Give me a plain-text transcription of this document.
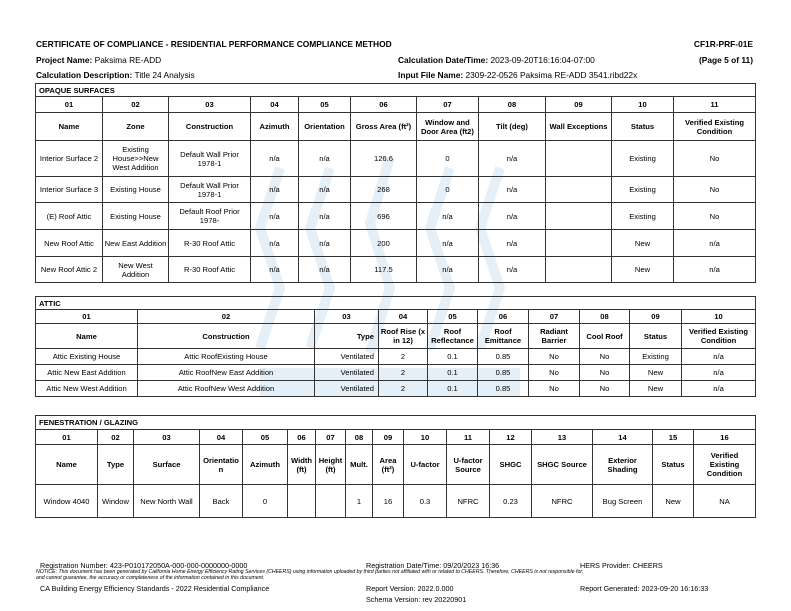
CERTIFICATE OF COMPLIANCE - RESIDENTIAL PERFORMANCE COMPLIANCE METHOD	CF1R-PRF-01E
Project Name: Paksima RE-ADD	Calculation Date/Time: 2023-09-20T16:16:04-07:00	(Page 5 of 11)
Calculation Description: Title 24 Analysis	Input File Name: 2309-22-0526 Paksima RE-ADD 3541.ribd22x
OPAQUE SURFACES										
01	02	03	04	05	06	07	08	09	10	11
Name	Zone	Construction	Azimuth	Orientation	Gross Area (ft²)	Window and Door Area (ft2)	Tilt (deg)	Wall Exceptions	Status	Verified Existing Condition
Interior Surface 2	Existing House>>New West Addition	Default Wall Prior 1978-1	n/a	n/a	126.6	0	n/a		Existing	No
Interior Surface 3	Existing House	Default Wall Prior 1978-1	n/a	n/a	268	0	n/a		Existing	No
(E) Roof Attic	Existing House	Default Roof Prior 1978-	n/a	n/a	696	n/a	n/a		Existing	No
New Roof Attic	New East Addition	R-30 Roof Attic	n/a	n/a	200	n/a	n/a		New	n/a
New Roof Attic 2	New West Addition	R-30 Roof Attic	n/a	n/a	117.5	n/a	n/a		New	n/a
ATTIC									
01	02	03	04	05	06	07	08	09	10
Name	Construction	Type	Roof Rise (x in 12)	Roof Reflectance	Roof Emittance	Radiant Barrier	Cool Roof	Status	Verified Existing Condition
Attic Existing House	Attic RoofExisting House	Ventilated	2	0.1	0.85	No	No	Existing	n/a
Attic New East Addition	Attic RoofNew East Addition	Ventilated	2	0.1	0.85	No	No	New	n/a
Attic New West Addition	Attic RoofNew West Addition	Ventilated	2	0.1	0.85	No	No	New	n/a
FENESTRATION / GLAZING															
01	02	03	04	05	06	07	08	09	10	11	12	13	14	15	16
Name	Type	Surface	Orientation	Azimuth	Width (ft)	Height (ft)	Mult.	Area (ft²)	U-factor	U-factor Source	SHGC	SHGC Source	Exterior Shading	Status	Verified Existing Condition
Window 4040	Window	New North Wall	Back	0			1	16	0.3	NFRC	0.23	NFRC	Bug Screen	New	NA
Registration Number: 423-P010172050A-000-000-0000000-0000	Registration Date/Time: 09/20/2023 16:36	HERS Provider: CHEERS
NOTICE: This document has been generated by California Home Energy Efficiency Rating Services (CHEERS) using information uploaded by third parties not affiliated with or related to CHEERS. Therefore, CHEERS is not responsible for,
and cannot guarantee, the accuracy or completeness of the information contained in this document.
CA Building Energy Efficiency Standards - 2022 Residential Compliance	Report Version: 2022.0.000	Report Generated: 2023-09-20 16:16:33
Schema Version: rev 20220901
